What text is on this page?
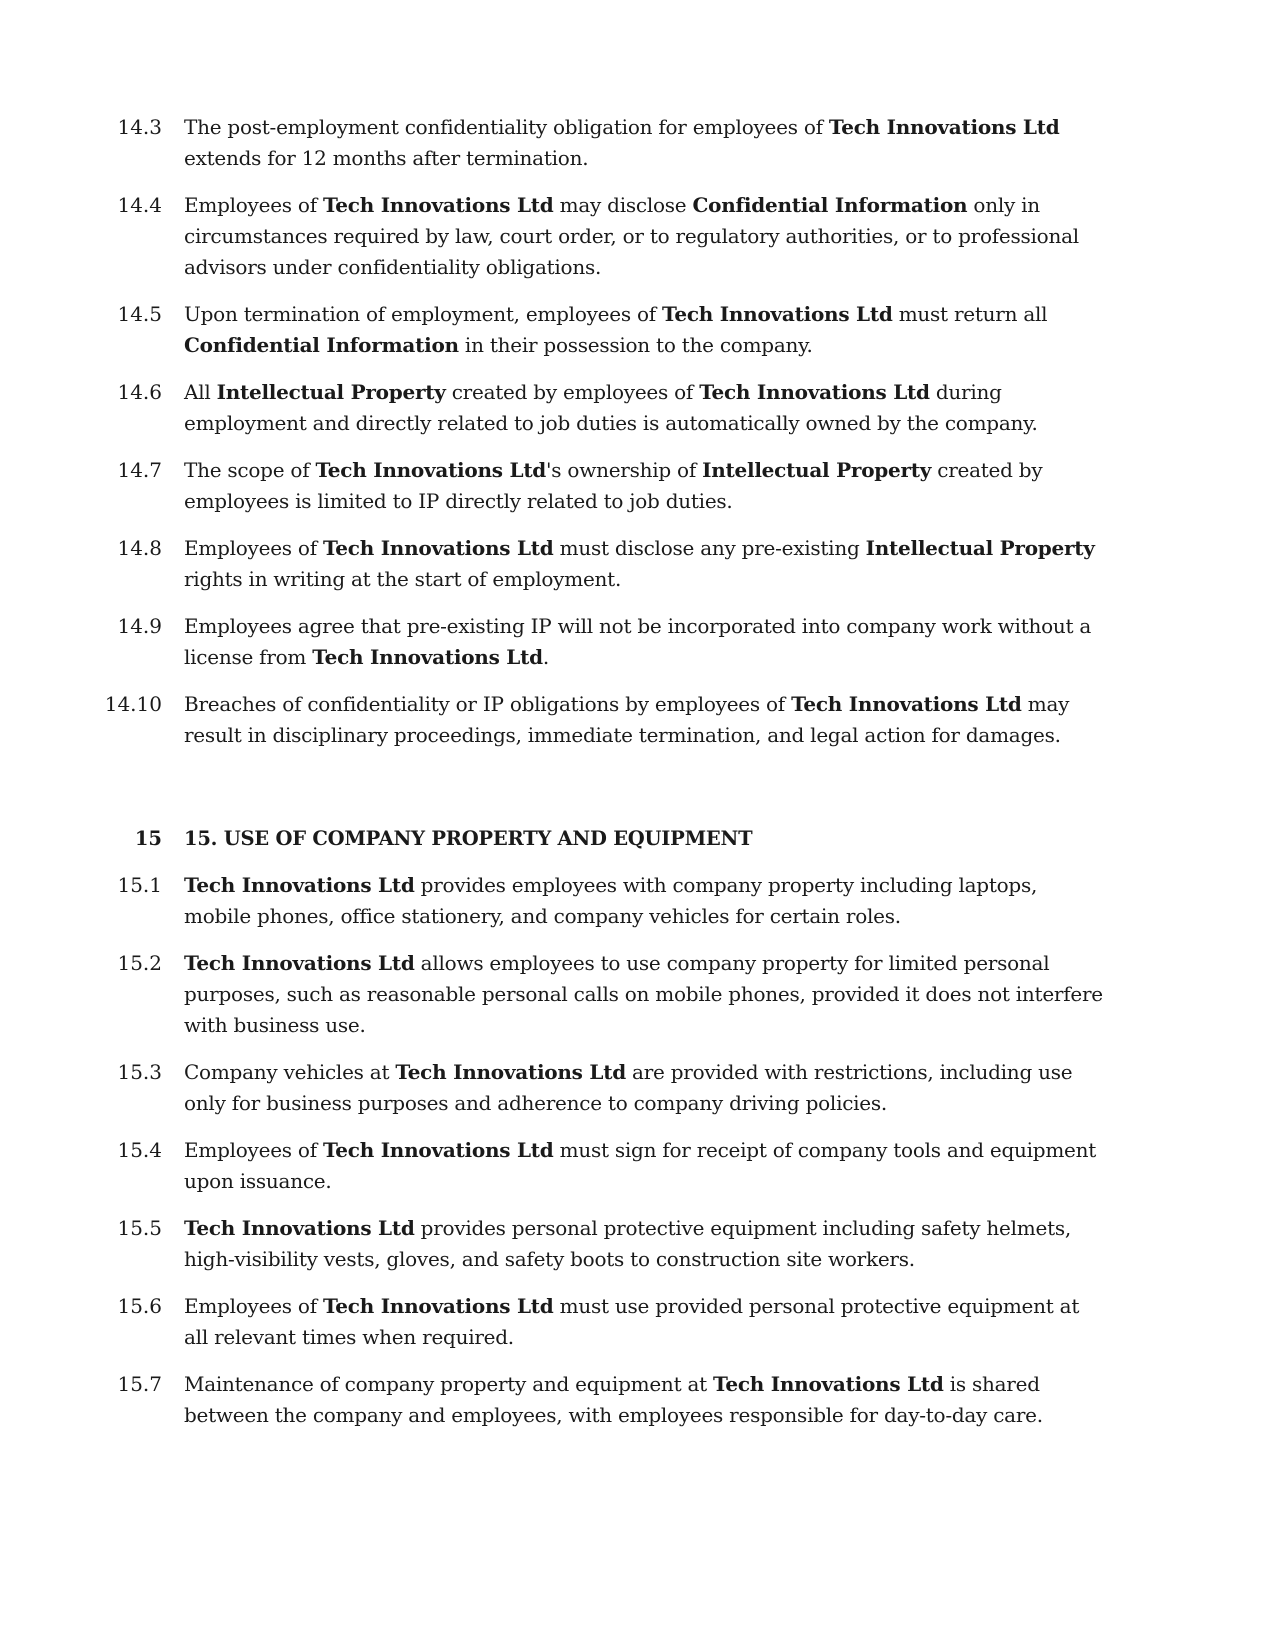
14.3	The post-employment confidentiality obligation for employees of Tech Innovations Ltd extends for 12 months after termination.
14.4	Employees of Tech Innovations Ltd may disclose Confidential Information only in circumstances required by law, court order, or to regulatory authorities, or to professional advisors under confidentiality obligations.
14.5	Upon termination of employment, employees of Tech Innovations Ltd must return all Confidential Information in their possession to the company.
14.6	All Intellectual Property created by employees of Tech Innovations Ltd during employment and directly related to job duties is automatically owned by the company.
14.7	The scope of Tech Innovations Ltd's ownership of Intellectual Property created by employees is limited to IP directly related to job duties.
14.8	Employees of Tech Innovations Ltd must disclose any pre-existing Intellectual Property rights in writing at the start of employment.
14.9	Employees agree that pre-existing IP will not be incorporated into company work without a license from Tech Innovations Ltd.
14.10	Breaches of confidentiality or IP obligations by employees of Tech Innovations Ltd may result in disciplinary proceedings, immediate termination, and legal action for damages.
15	15. USE OF COMPANY PROPERTY AND EQUIPMENT
15.1	Tech Innovations Ltd provides employees with company property including laptops, mobile phones, office stationery, and company vehicles for certain roles.
15.2	Tech Innovations Ltd allows employees to use company property for limited personal purposes, such as reasonable personal calls on mobile phones, provided it does not interfere with business use.
15.3	Company vehicles at Tech Innovations Ltd are provided with restrictions, including use only for business purposes and adherence to company driving policies.
15.4	Employees of Tech Innovations Ltd must sign for receipt of company tools and equipment upon issuance.
15.5	Tech Innovations Ltd provides personal protective equipment including safety helmets, high-visibility vests, gloves, and safety boots to construction site workers.
15.6	Employees of Tech Innovations Ltd must use provided personal protective equipment at all relevant times when required.
15.7	Maintenance of company property and equipment at Tech Innovations Ltd is shared between the company and employees, with employees responsible for day-to-day care.
